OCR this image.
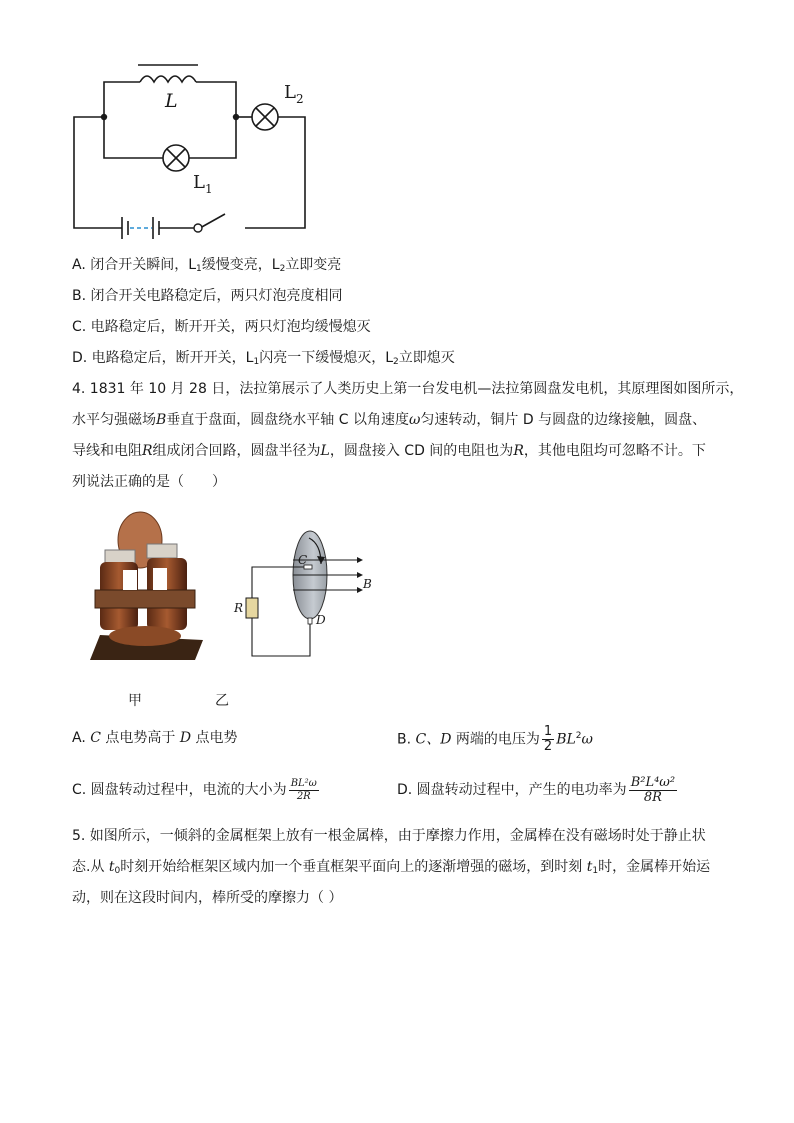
L	$L_2$
$L_1$
A. 闭合开关瞬间，$L_1$缓慢变亮，$L_2$立即变亮
B. 闭合开关电路稳定后，两只灯泡亮度相同
C. 电路稳定后，断开开关，两只灯泡均缓慢熄灭
D. 电路稳定后，断开开关，$L_1$闪亮一下缓慢熄灭，$L_2$立即熄灭
4. 1831 年 10 月 28 日，法拉第展示了人类历史上第一台发电机—法拉第圆盘发电机，其原理图如图所示，
水平匀强磁场B垂直于盘面，圆盘绕水平轴 C 以角速度ω匀速转动，铜片 D 与圆盘的边缘接触，圆盘、
导线和电阻R组成闭合回路，圆盘半径为L，圆盘接入 CD 间的电阻也为R，其他电阻均可忽略不计。下
列说法正确的是（　　）
C
B
R
D
甲	乙
A. C 点电势高于 D 点电势	B. C、D 两端的电压为 $\frac{1}{2} BL^2\omega$
C. 圆盘转动过程中，电流的大小为 $\frac{\text{BL²ω}}{2R}$	D. 圆盘转动过程中，产生的电功率为 $\frac{\text{B²L⁴ω²}}{8R}$
5. 如图所示，一倾斜的金属框架上放有一根金属棒，由于摩擦力作用，金属棒在没有磁场时处于静止状
态.从 $t_0$时刻开始给框架区域内加一个垂直框架平面向上的逐渐增强的磁场，到时刻 $t_1$时，金属棒开始运
动，则在这段时间内，棒所受的摩擦力（ ）
